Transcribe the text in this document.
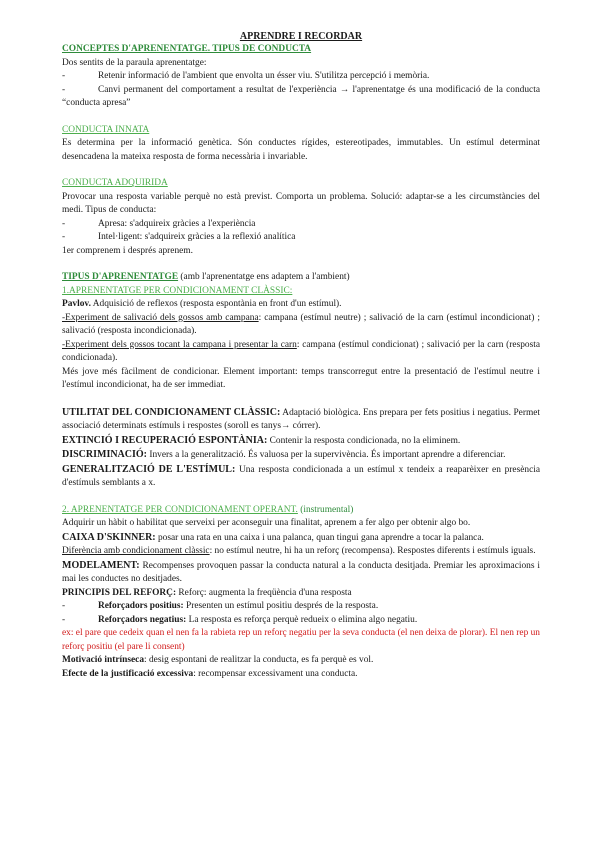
APRENDRE I RECORDAR

CONCEPTES D'APRENENTATGE. TIPUS DE CONDUCTA

Dos sentits de la paraula aprenentatge:

-	Retenir informació de l'ambient que envolta un ésser viu. S'utilitza percepció i memòria.
-	Canvi permanent del comportament a resultat de l'experiència → l'aprenentatge és una modificació de la conducta “conducta apresa”

CONDUCTA INNATA

Es determina per la informació genètica. Són conductes rígides, estereotipades, immutables. Un estímul determinat desencadena la mateixa resposta de forma necessària i invariable.

CONDUCTA ADQUIRIDA

Provocar una resposta variable perquè no està previst. Comporta un problema. Solució: adaptar-se a les circumstàncies del medi. Tipus de conducta:

-	Apresa: s'adquireix gràcies a l'experiència
-	Intel·ligent: s'adquireix gràcies a la reflexió analítica

1er comprenem i després aprenem.

TIPUS D'APRENENTATGE (amb l'aprenentatge ens adaptem a l'ambient)

1.APRENENTATGE PER CONDICIONAMENT CLÀSSIC:

Pavlov. Adquisició de reflexos (resposta espontània en front d'un estímul).

-Experiment de salivació dels gossos amb campana: campana (estímul neutre) ; salivació de la carn (estímul incondicionat) ; salivació (resposta incondicionada).

-Experiment dels gossos tocant la campana i presentar la carn: campana (estímul condicionat) ; salivació per la carn (resposta condicionada).

Més jove més fàcilment de condicionar. Element important: temps transcorregut entre la presentació de l'estímul neutre i l'estímul incondicionat, ha de ser immediat.

UTILITAT DEL CONDICIONAMENT CLÀSSIC: Adaptació biològica. Ens prepara per fets positius i negatius. Permet associació determinats estímuls i respostes (soroll es tanys→ córrer).

EXTINCIÓ I RECUPERACIÓ ESPONTÀNIA: Contenir la resposta condicionada, no la eliminem.

DISCRIMINACIÓ: Invers a la generalització. És valuosa per la supervivència. És important aprendre a diferenciar.

GENERALITZACIÓ DE L'ESTÍMUL: Una resposta condicionada a un estímul x tendeix a reaparèixer en presència d'estímuls semblants a x.

2. APRENENTATGE PER CONDICIONAMENT OPERANT. (instrumental)

Adquirir un hàbit o habilitat que serveixi per aconseguir una finalitat, aprenem a fer algo per obtenir algo bo.

CAIXA D'SKINNER: posar una rata en una caixa i una palanca, quan tingui gana aprendre a tocar la palanca.

Diferència amb condicionament clàssic: no estímul neutre, hi ha un reforç (recompensa). Respostes diferents i estímuls iguals.

MODELAMENT: Recompenses provoquen passar la conducta natural a la conducta desitjada. Premiar les aproximacions i mai les conductes no desitjades.

PRINCIPIS DEL REFORÇ: Reforç: augmenta la freqüència d'una resposta

-	Reforçadors positius: Presenten un estímul positiu després de la resposta.
-	Reforçadors negatius: La resposta es reforça perquè redueix o elimina algo negatiu.

ex: el pare que cedeix quan el nen fa la rabieta rep un reforç negatiu per la seva conducta (el nen deixa de plorar). El nen rep un reforç positiu (el pare li consent)

Motivació intrínseca: desig espontani de realitzar la conducta, es fa perquè es vol.

Efecte de la justificació excessiva: recompensar excessivament una conducta.
